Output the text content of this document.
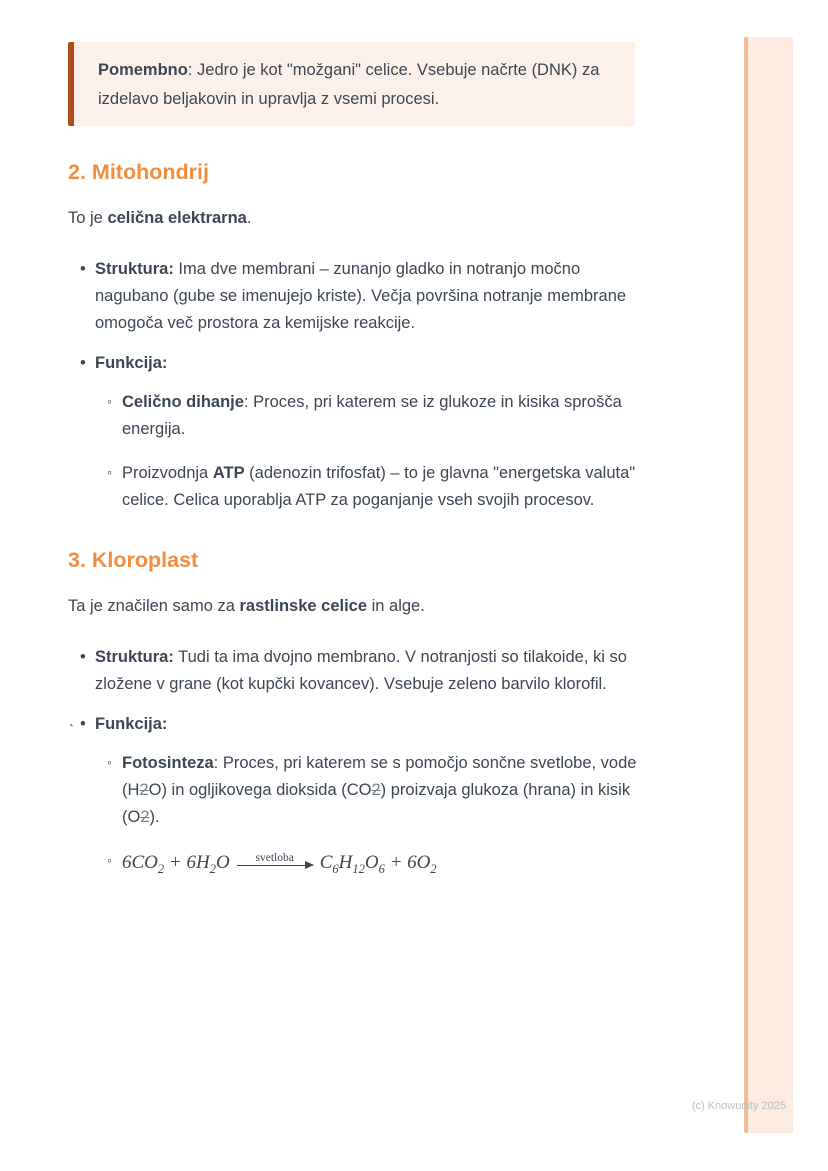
Pomembno: Jedro je kot "možgani" celice. Vsebuje načrte (DNK) za izdelavo beljakovin in upravlja z vsemi procesi.
2. Mitohondrij

To je celična elektrarna.

• Struktura: Ima dve membrani – zunanjo gladko in notranjo močno nagubano (gube se imenujejo kriste). Večja površina notranje membrane omogoča več prostora za kemijske reakcije.
• Funkcija:
◦ Celično dihanje: Proces, pri katerem se iz glukoze in kisika sprošča energija.
◦ Proizvodnja ATP (adenozin trifosfat) – to je glavna "energetska valuta" celice. Celica uporablja ATP za poganjanje vseh svojih procesov.
3. Kloroplast

Ta je značilen samo za rastlinske celice in alge.

• Struktura: Tudi ta ima dvojno membrano. V notranjosti so tilakoide, ki so zložene v grane (kot kupčki kovancev). Vsebuje zeleno barvilo klorofil.
• Funkcija:
◦ Fotosinteza: Proces, pri katerem se s pomočjo sončne svetlobe, vode (H2O) in ogljikovega dioksida (CO2) proizvaja glukoza (hrana) in kisik (O2).
◦ $6CO_2 + 6H_2O$ svetloba $C_6H_{12}O_6 + 6O_2$
`
(c) Knowunity 2025
